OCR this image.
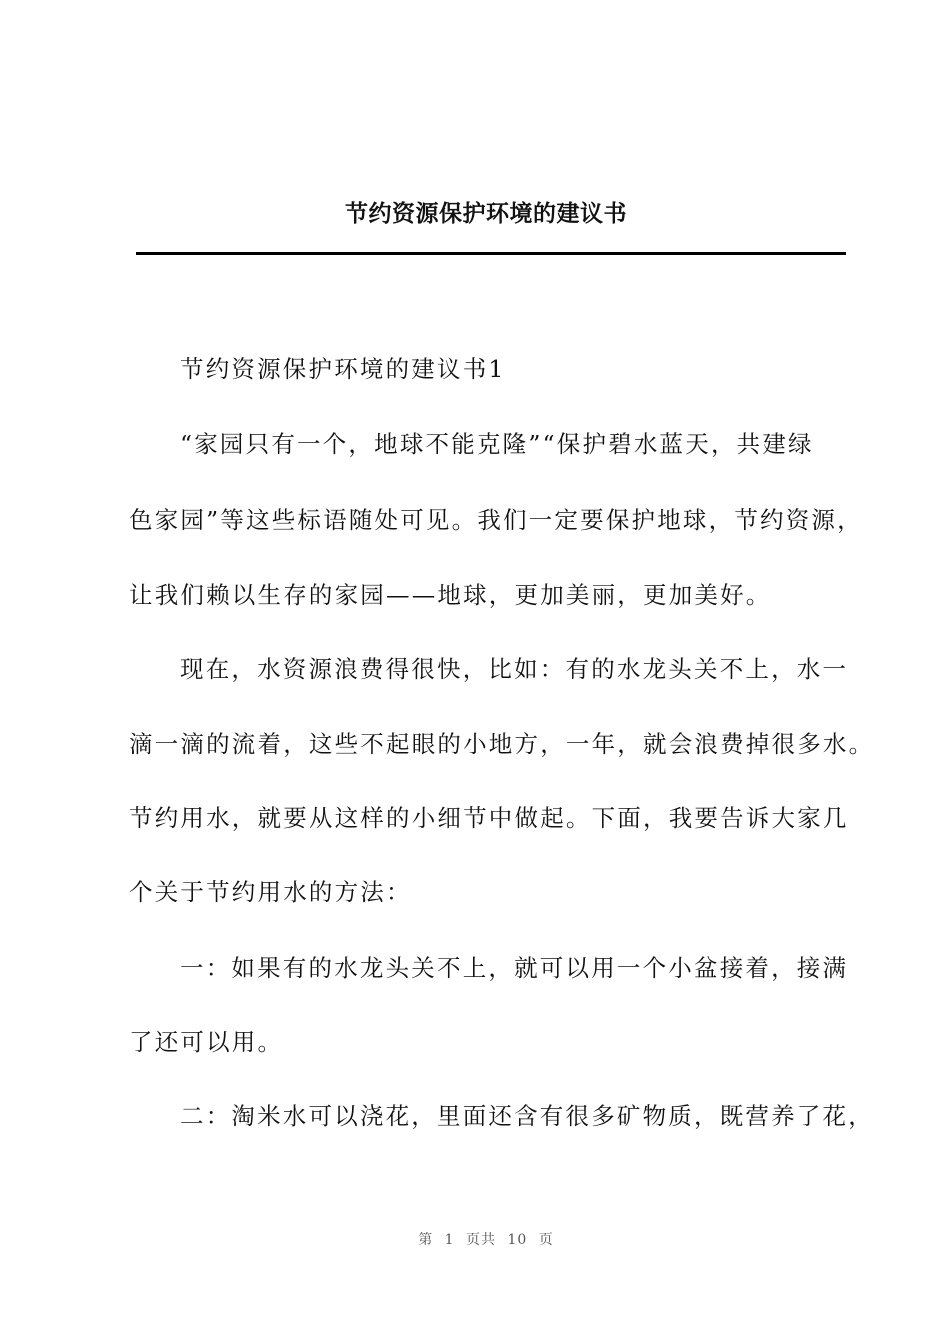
节约资源保护环境的建议书

节约资源保护环境的建议书1

“家园只有一个，地球不能克隆”“保护碧水蓝天，共建绿

色家园”等这些标语随处可见。我们一定要保护地球，节约资源，

让我们赖以生存的家园——地球，更加美丽，更加美好。

现在，水资源浪费得很快，比如：有的水龙头关不上，水一

滴一滴的流着，这些不起眼的小地方，一年，就会浪费掉很多水。

节约用水，就要从这样的小细节中做起。下面，我要告诉大家几

个关于节约用水的方法：

一：如果有的水龙头关不上，就可以用一个小盆接着，接满

了还可以用。

二：淘米水可以浇花，里面还含有很多矿物质，既营养了花，

第 1 页共 10 页
